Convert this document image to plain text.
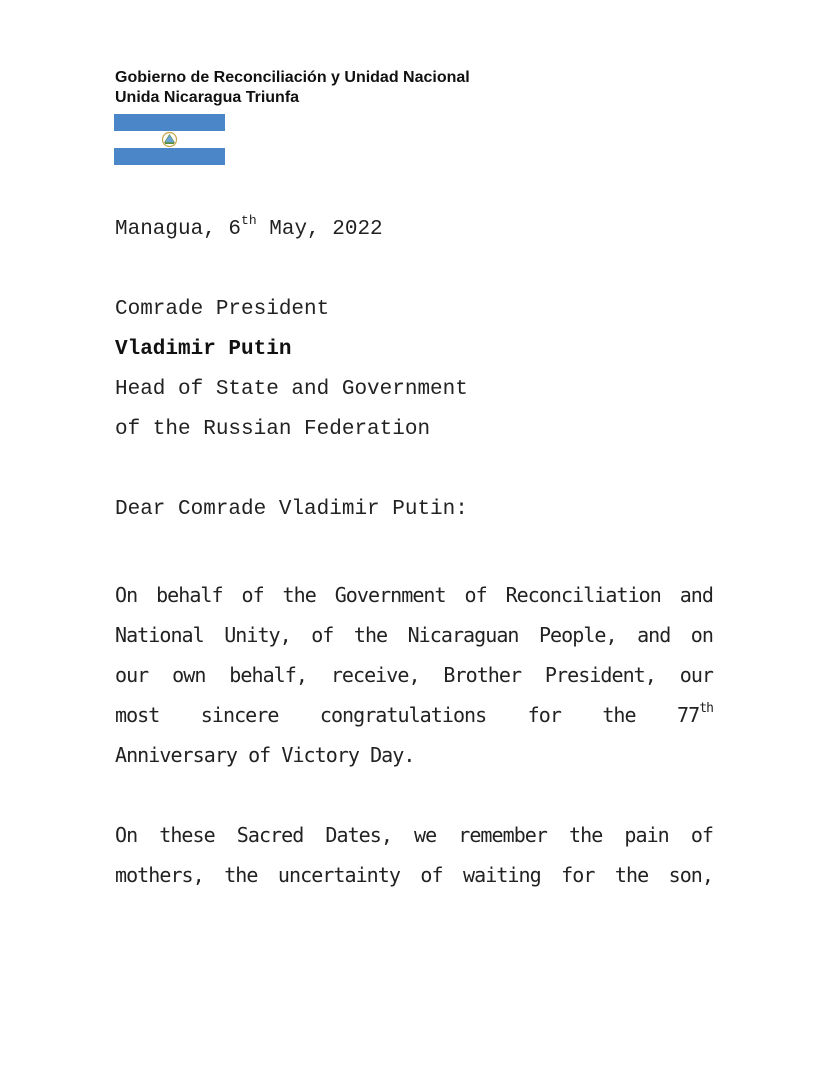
Gobierno de Reconciliación y Unidad Nacional
Unida Nicaragua Triunfa
Managua, 6th May, 2022
Comrade President
Vladimir Putin
Head of State and Government
of the Russian Federation
Dear Comrade Vladimir Putin:
On behalf of the Government of Reconciliation and
National Unity, of the Nicaraguan People, and on
our own behalf, receive, Brother President, our
most sincere congratulations for the 77th
Anniversary of Victory Day.
On these Sacred Dates, we remember the pain of
mothers, the uncertainty of waiting for the son,
